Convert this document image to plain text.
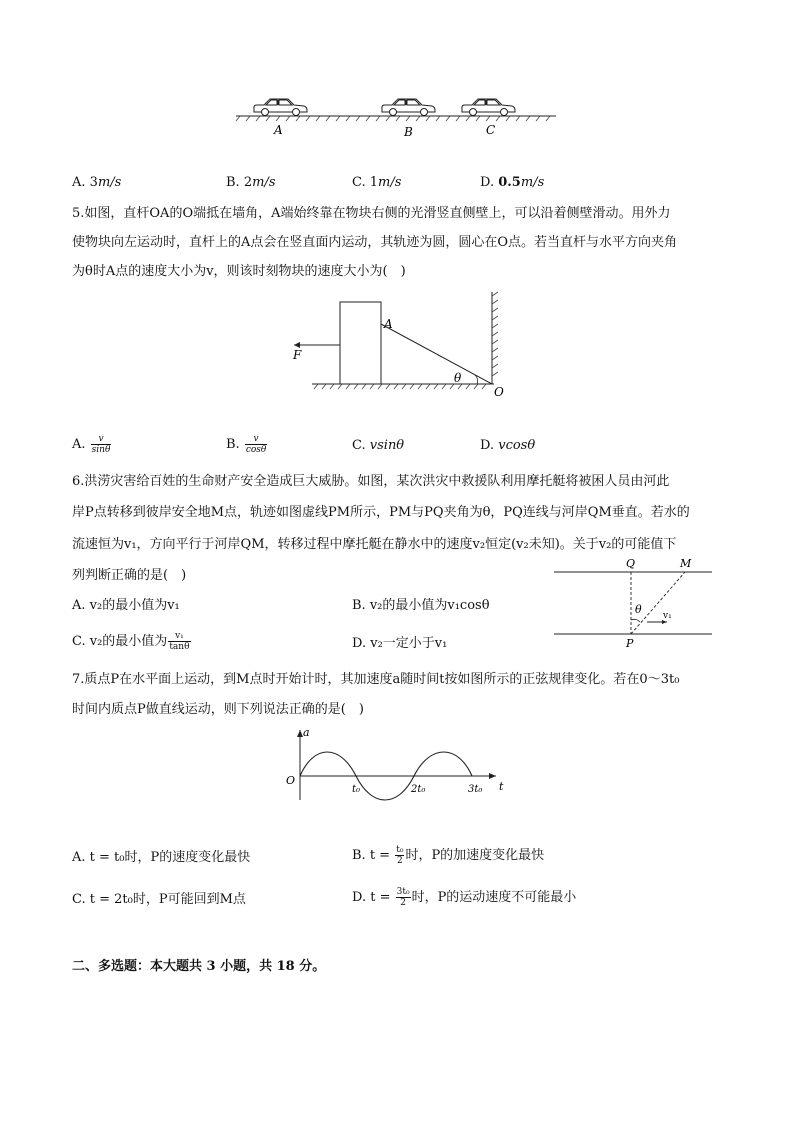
A	B	C
A. 3m/s	B. 2m/s	C. 1m/s	D. 0.5m/s
5.如图，直杆OA的O端抵在墙角，A端始终靠在物块右侧的光滑竖直侧壁上，可以沿着侧壁滑动。用外力
使物块向左运动时，直杆上的A点会在竖直面内运动，其轨迹为圆，圆心在O点。若当直杆与水平方向夹角
为θ时A点的速度大小为v，则该时刻物块的速度大小为(　)
A
F
θ
O
A. $\frac{v}{\sin\theta}$	B. $\frac{v}{\cos\theta}$	C. vsinθ	D. vcosθ
6.洪涝灾害给百姓的生命财产安全造成巨大威胁。如图，某次洪灾中救援队利用摩托艇将被困人员由河此
岸P点转移到彼岸安全地M点，轨迹如图虚线PM所示，PM与PQ夹角为θ，PQ连线与河岸QM垂直。若水的
流速恒为v₁，方向平行于河岸QM，转移过程中摩托艇在静水中的速度v₂恒定(v₂未知)。关于v₂的可能值下
列判断正确的是(　)
Q	M
P
θ v₁
A. v₂的最小值为v₁	B. v₂的最小值为v₁cosθ
C. v₂的最小值为 $\frac{\text{v₁}}{\tan\theta}$	D. v₂一定小于v₁
7.质点P在水平面上运动，到M点时开始计时，其加速度a随时间t按如图所示的正弦规律变化。若在0～3t₀
时间内质点P做直线运动，则下列说法正确的是(　)
a
O	t
t₀	2t₀	3t₀
A. t = t₀时，P的速度变化最快	B. $t = \frac{\text{t₀}}{2}$ 时，P的加速度变化最快
C. t = 2t₀时，P可能回到M点	D. $t = \frac{\text{3t₀}}{2}$ 时，P的运动速度不可能最小
二、多选题：本大题共 3 小题，共 18 分。
